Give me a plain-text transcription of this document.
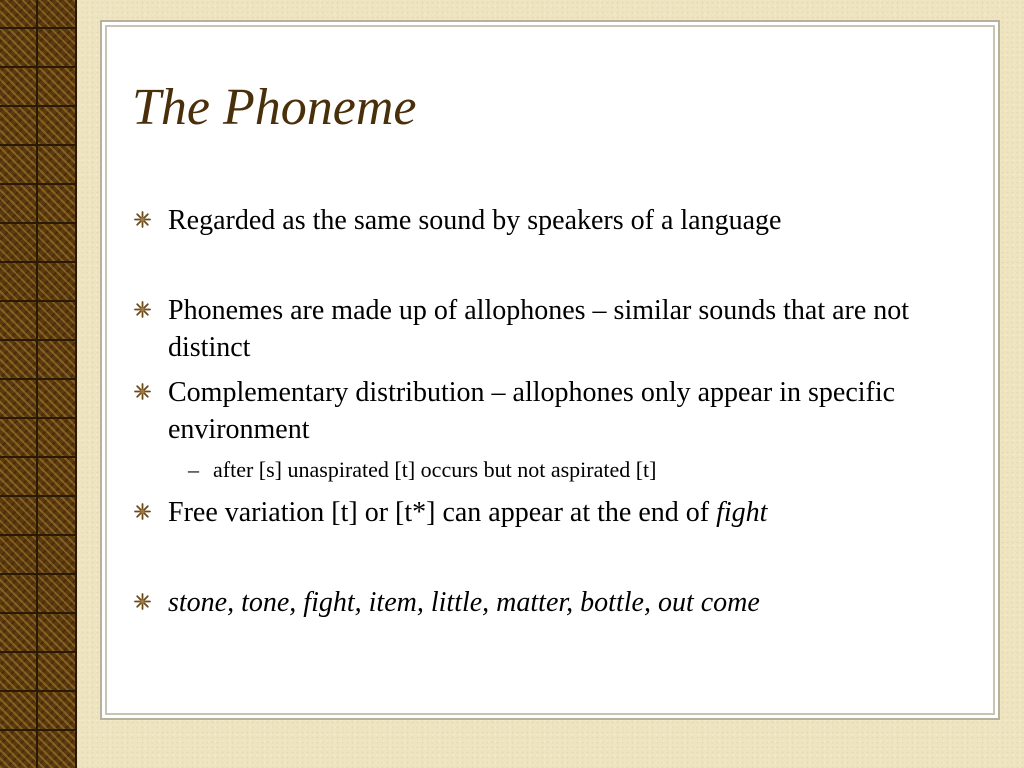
The Phoneme
Regarded as the same sound by speakers of a language
Phonemes are made up of allophones – similar sounds that are not distinct
Complementary distribution – allophones only appear in specific environment
– after [s] unaspirated [t] occurs but not aspirated [t]
Free variation [t] or [t*] can appear at the end of fight
stone, tone, fight, item, little, matter, bottle, out come
